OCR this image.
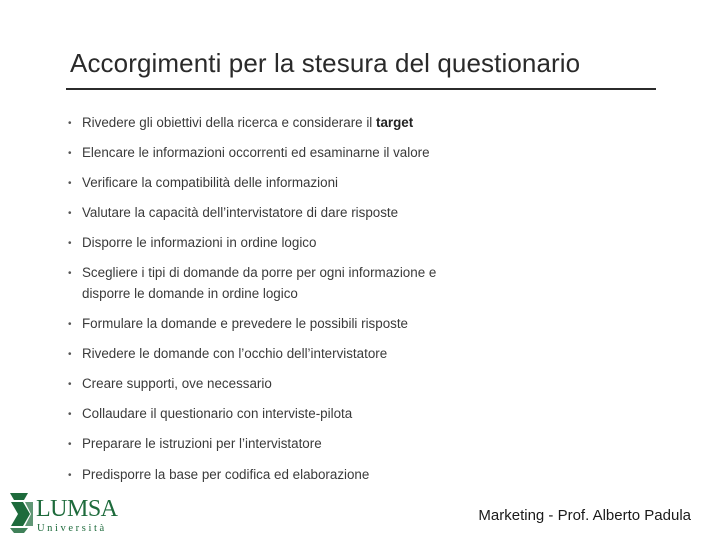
Accorgimenti per la stesura del questionario
• Rivedere gli obiettivi della ricerca e considerare il target
• Elencare le informazioni occorrenti ed esaminarne il valore
• Verificare la compatibilità delle informazioni
• Valutare la capacità dell’intervistatore di dare risposte
• Disporre le informazioni in ordine logico
• Scegliere i tipi di domande da porre per ogni informazione e
disporre le domande in ordine logico
• Formulare la domande e prevedere le possibili risposte
• Rivedere le domande con l’occhio dell’intervistatore
• Creare supporti, ove necessario
• Collaudare il questionario con interviste-pilota
• Preparare le istruzioni per l’intervistatore
• Predisporre la base per codifica ed elaborazione
LUMSA
Università
Marketing - Prof. Alberto Padula
